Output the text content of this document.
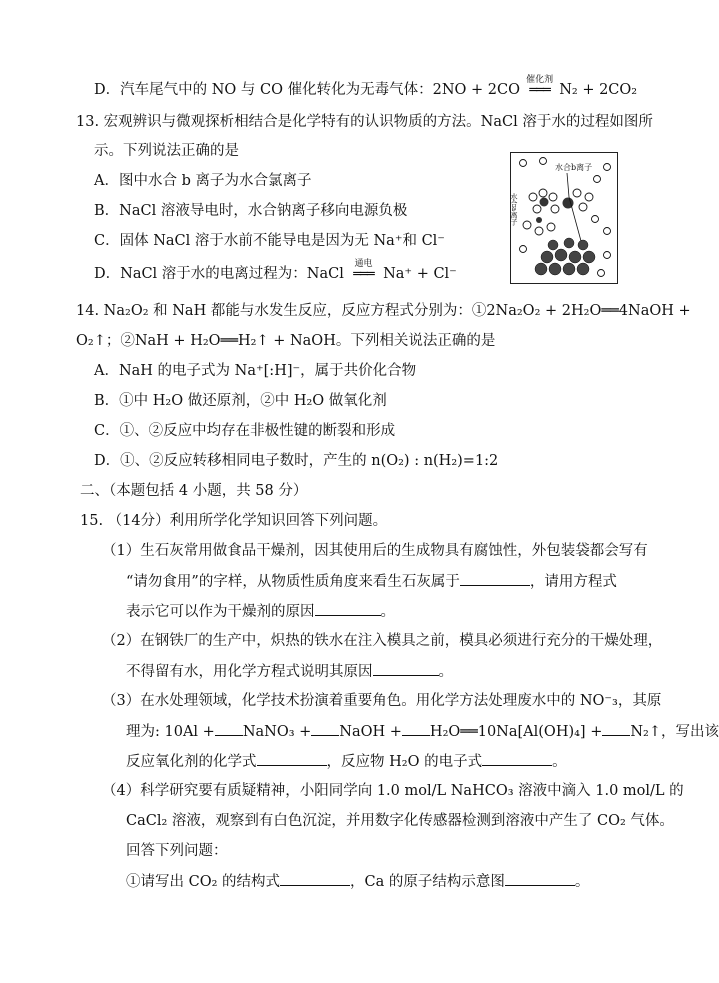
D．汽车尾气中的 NO 与 CO 催化转化为无毒气体：2NO + 2CO
催化剂
═══ N₂ + 2CO₂
13. 宏观辨识与微观探析相结合是化学特有的认识物质的方法。NaCl 溶于水的过程如图所
示。下列说法正确的是
A．图中水合 b 离子为水合氯离子
B．NaCl 溶液导电时，水合钠离子移向电源负极
C．固体 NaCl 溶于水前不能导电是因为无 Na⁺和 Cl⁻
D．NaCl 溶于水的电离过程为：NaCl
通电
═══ Na⁺ + Cl⁻
水合b离子
水合a离子
14. Na₂O₂ 和 NaH 都能与水发生反应，反应方程式分别为：①2Na₂O₂ + 2H₂O══4NaOH +
O₂↑；②NaH + H₂O══H₂↑ + NaOH。下列相关说法正确的是
A．NaH 的电子式为 Na⁺[:H]⁻，属于共价化合物
B．①中 H₂O 做还原剂，②中 H₂O 做氧化剂
C．①、②反应中均存在非极性键的断裂和形成
D．①、②反应转移相同电子数时，产生的 n(O₂) : n(H₂)=1:2
二、（本题包括 4 小题，共 58 分）
15. （14分）利用所学化学知识回答下列问题。
（1）生石灰常用做食品干燥剂，因其使用后的生成物具有腐蚀性，外包装袋都会写有
“请勿食用”的字样，从物质性质角度来看生石灰属于	，请用方程式
表示它可以作为干燥剂的原因	。
（2）在钢铁厂的生产中，炽热的铁水在注入模具之前，模具必须进行充分的干燥处理，
不得留有水，用化学方程式说明其原因	。
（3）在水处理领域，化学技术扮演着重要角色。用化学方法处理废水中的 NO⁻₃，其原
理为: 10Al + NaNO₃ + NaOH + H₂O══10Na[Al(OH)₄] + N₂↑，写出该
反应氧化剂的化学式	，反应物 H₂O 的电子式	。
（4）科学研究要有质疑精神，小阳同学向 1.0 mol/L NaHCO₃ 溶液中滴入 1.0 mol/L 的
CaCl₂ 溶液，观察到有白色沉淀，并用数字化传感器检测到溶液中产生了 CO₂ 气体。
回答下列问题：
①请写出 CO₂ 的结构式	，Ca 的原子结构示意图	。
